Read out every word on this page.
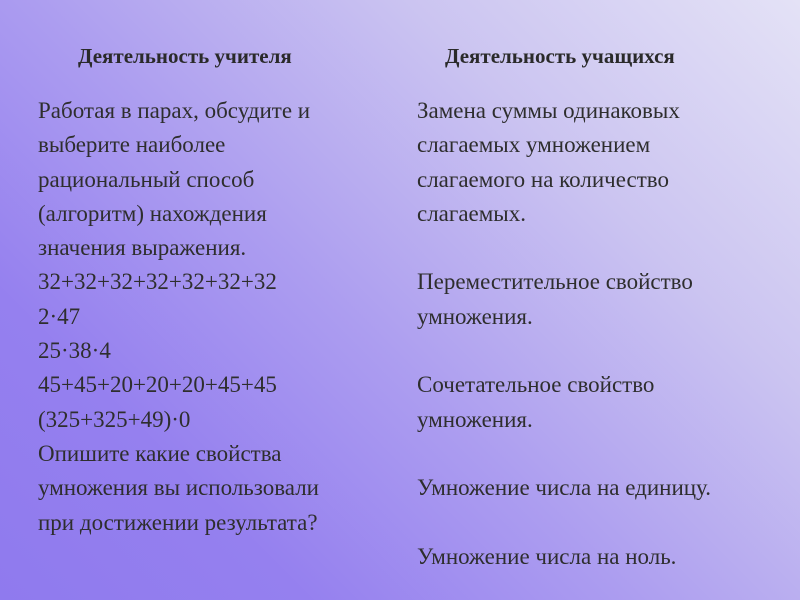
Деятельность учителя
Работая в парах, обсудите и
выберите наиболее
рациональный способ
(алгоритм) нахождения
значения выражения.
32+32+32+32+32+32+32
2·47
25·38·4
45+45+20+20+20+45+45
(325+325+49)·0
Опишите какие свойства
умножения вы использовали
при достижении результата?
Деятельность учащихся
Замена суммы одинаковых
слагаемых умножением
слагаемого на количество
слагаемых.
Переместительное свойство
умножения.
Сочетательное свойство
умножения.
Умножение числа на единицу.
Умножение числа на ноль.
